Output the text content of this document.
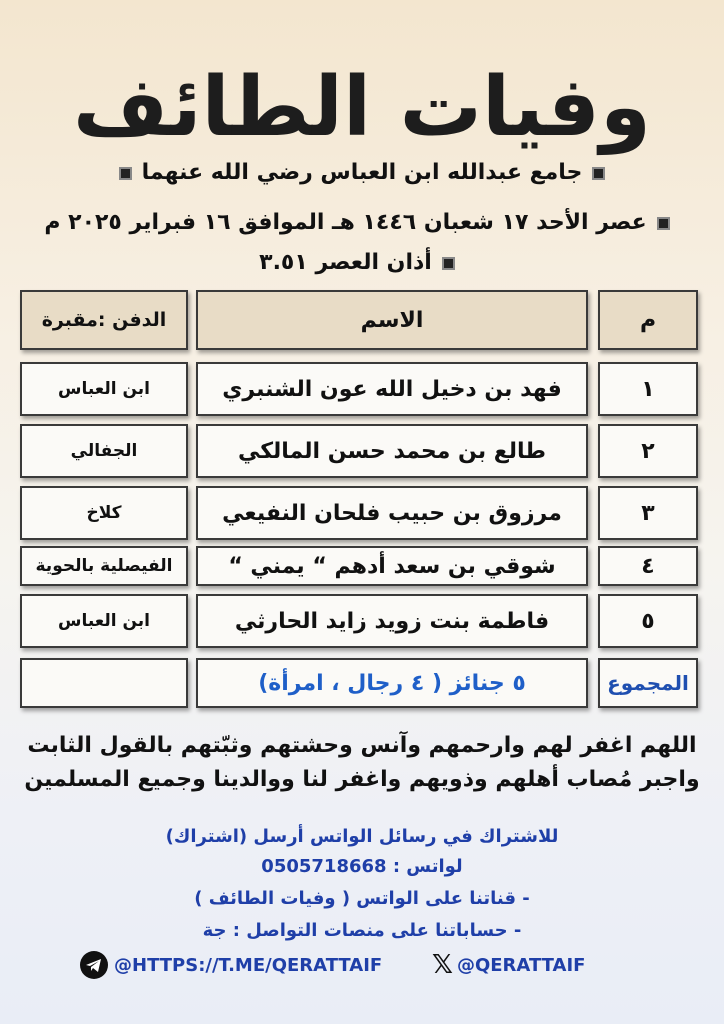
وفيات الطائف
جامع عبدالله ابن العباس رضي الله عنهما
عصر الأحد ١٧ شعبان ١٤٤٦ هـ الموافق ١٦ فبراير ٢٠٢٥ م
أذان العصر ٣.٥١
م
الاسم
الدفن :مقبرة
١
فهد بن دخيل الله عون الشنبري
ابن العباس
٢
طالع بن محمد حسن المالكي
الجفالي
٣
مرزوق بن حبيب فلحان النفيعي
كلاخ
٤
شوقي بن سعد أدهم “ يمني “
الفيصلية بالحوية
٥
فاطمة بنت زويد زايد الحارثي
ابن العباس
المجموع
٥ جنائز ( ٤ رجال ، امرأة)
اللهم اغفر لهم وارحمهم وآنس وحشتهم وثبّتهم بالقول الثابت
واجبر مُصاب أهلهم وذويهم واغفر لنا ووالدينا وجميع المسلمين
للاشتراك في رسائل الواتس أرسل (اشتراك)
لواتس : 0505718668
- قناتنا على الواتس ( وفيات الطائف )
- حساباتنا على منصات التواصل : جة
@HTTPS://T.ME/QERATTAIF 𝕏 @QERATTAIF
